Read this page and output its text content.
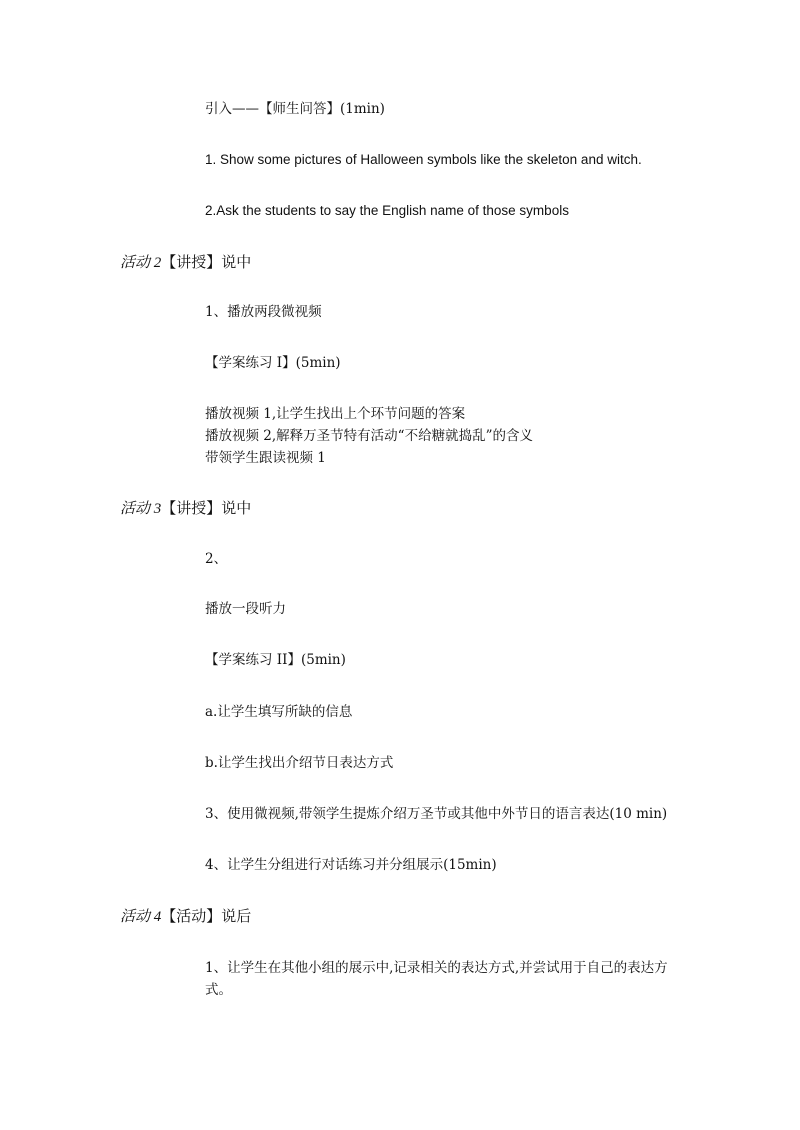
引入——【师生问答】(1min)
1. Show some pictures of Halloween symbols like the skeleton and witch.
2.Ask the students to say the English name of those symbols
活动 2【讲授】说中
1、播放两段微视频
【学案练习 I】(5min)
播放视频 1,让学生找出上个环节问题的答案
播放视频 2,解释万圣节特有活动“不给糖就捣乱”的含义
带领学生跟读视频 1
活动 3【讲授】说中
2、
播放一段听力
【学案练习 II】(5min)
a.让学生填写所缺的信息
b.让学生找出介绍节日表达方式
3、使用微视频,带领学生提炼介绍万圣节或其他中外节日的语言表达(10 min)
4、让学生分组进行对话练习并分组展示(15min)
活动 4【活动】说后
1、让学生在其他小组的展示中,记录相关的表达方式,并尝试用于自己的表达方式。
